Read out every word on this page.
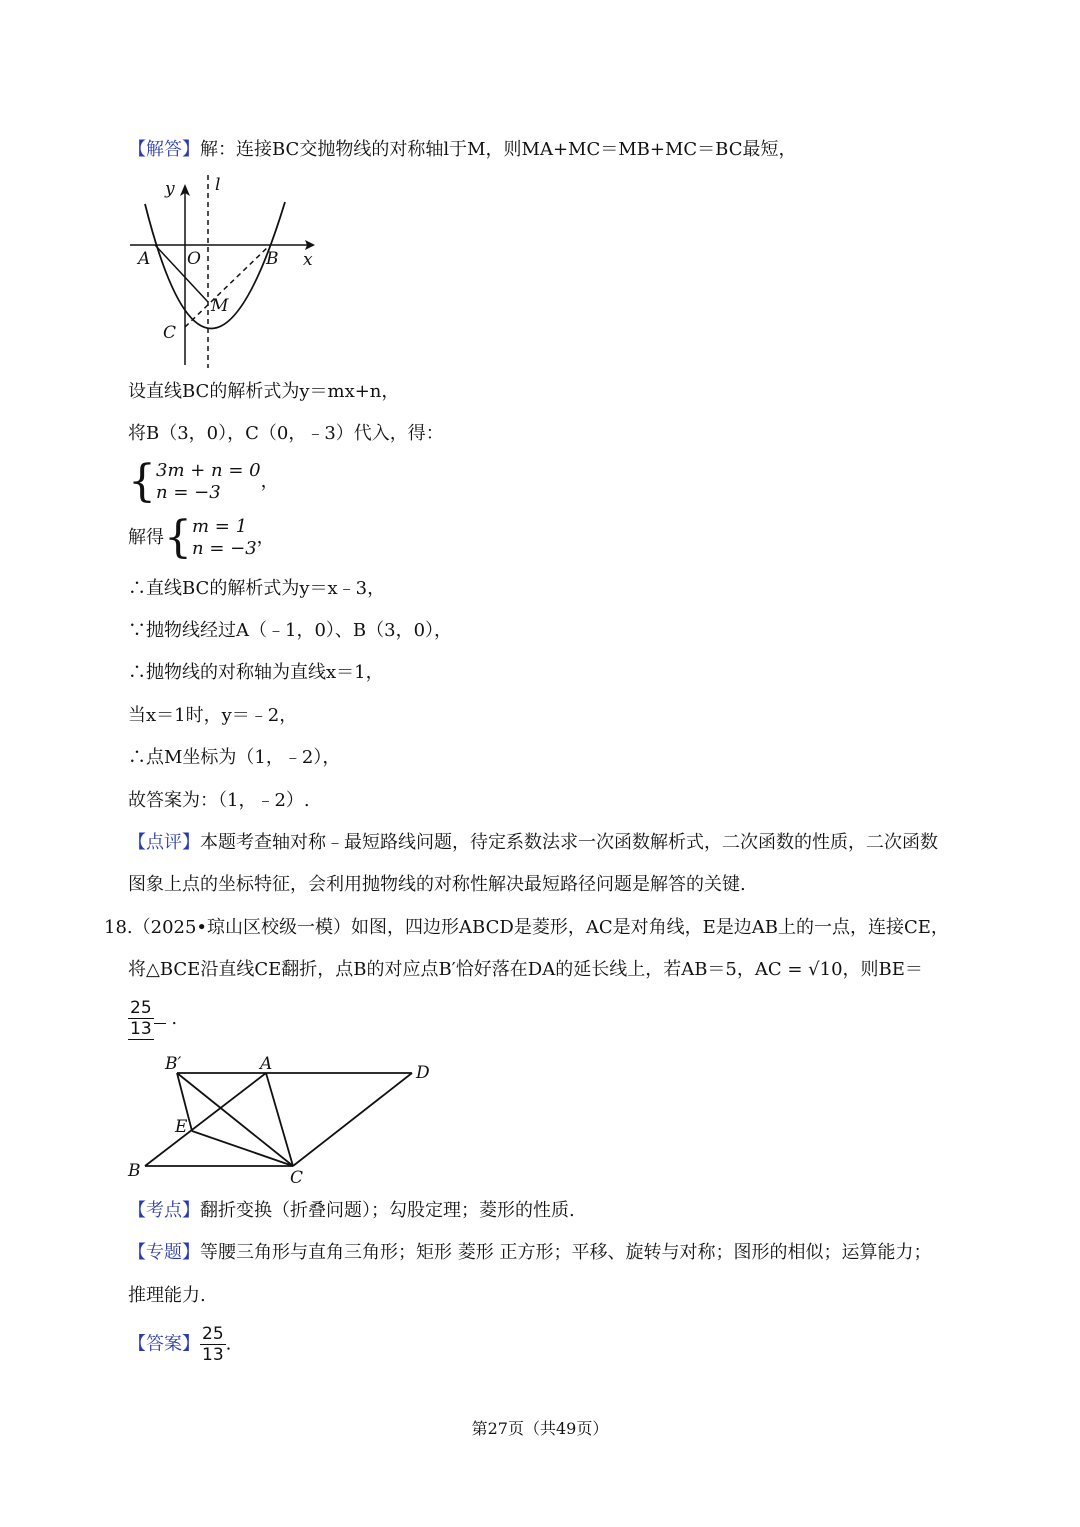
【解答】解：连接BC交抛物线的对称轴l于M，则MA+MC＝MB+MC＝BC最短，
y l
A O	B x
M
C
设直线BC的解析式为y＝mx+n，
将B（3，0），C（0，﹣3）代入，得：
{ 3m + n = 0
n = −3
，
解得{ m = 1
n = −3
，
∴直线BC的解析式为y＝x﹣3，
∵抛物线经过A（﹣1，0）、B（3，0），
∴抛物线的对称轴为直线x＝1，
当x＝1时，y＝﹣2，
∴点M坐标为（1，﹣2），
故答案为：（1，﹣2）.
【点评】本题考查轴对称﹣最短路线问题，待定系数法求一次函数解析式，二次函数的性质，二次函数
图象上点的坐标特征，会利用抛物线的对称性解决最短路径问题是解答的关键.
18.（2025•琼山区校级一模）如图，四边形ABCD是菱形，AC是对角线，E是边AB上的一点，连接CE，
将△BCE沿直线CE翻折，点B的对应点B′恰好落在DA的延长线上，若AB＝5，AC = √10，则BE＝
$\frac{25}{13}$ .
B′	A	D
E
B	C
【考点】翻折变换（折叠问题）；勾股定理；菱形的性质.
【专题】等腰三角形与直角三角形；矩形 菱形 正方形；平移、旋转与对称；图形的相似；运算能力；
推理能力.
【答案】 $\frac{25}{13}$ .
第27页（共49页）
